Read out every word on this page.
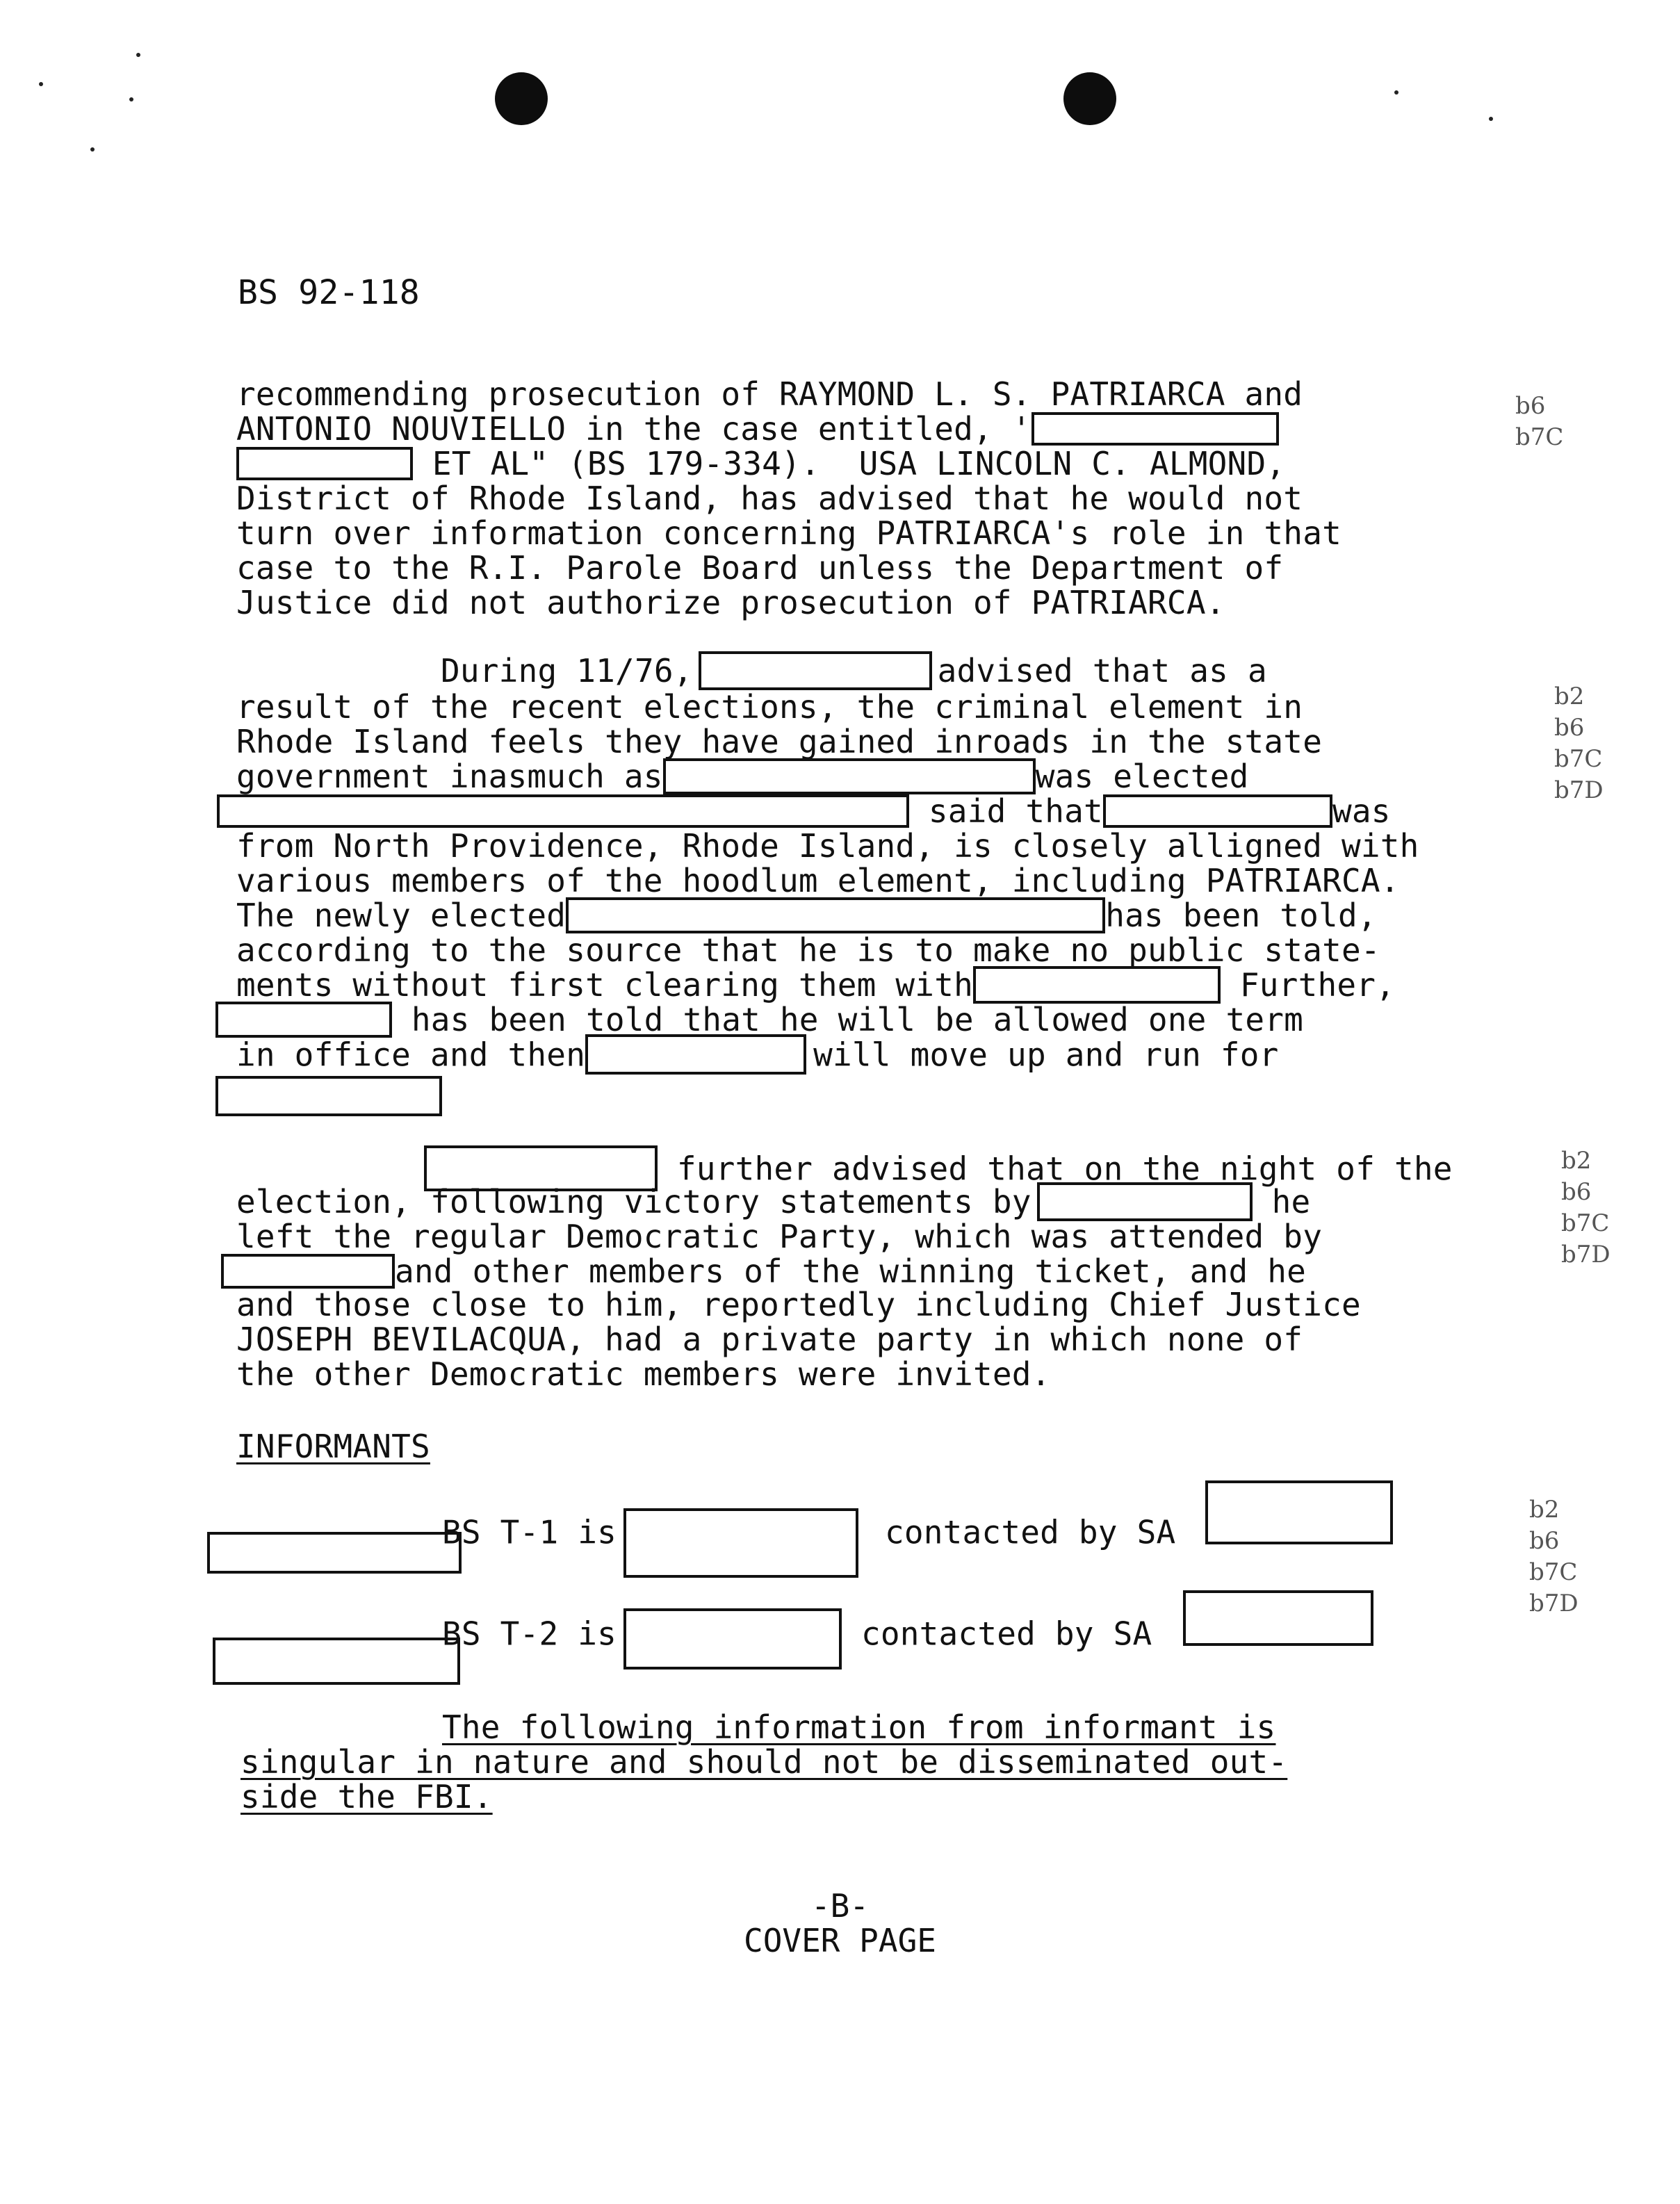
BS 92-118
recommending prosecution of RAYMOND L. S. PATRIARCA and
ANTONIO NOUVIELLO in the case entitled, '
ET AL" (BS 179-334).  USA LINCOLN C. ALMOND,
District of Rhode Island, has advised that he would not
turn over information concerning PATRIARCA's role in that
case to the R.I. Parole Board unless the Department of
Justice did not authorize prosecution of PATRIARCA.
b6
b7C
During 11/76,	advised that as a
result of the recent elections, the criminal element in
Rhode Island feels they have gained inroads in the state
government inasmuch as	was elected
said that	was
from North Providence, Rhode Island, is closely alligned with
various members of the hoodlum element, including PATRIARCA.
The newly elected	has been told,
according to the source that he is to make no public state-
ments without first clearing them with	Further,
has been told that he will be allowed one term
in office and then	will move up and run for
b2
b6
b7C
b7D
further advised that on the night of the
election, following victory statements by	he
left the regular Democratic Party, which was attended by
and other members of the winning ticket, and he
and those close to him, reportedly including Chief Justice
JOSEPH BEVILACQUA, had a private party in which none of
the other Democratic members were invited.
b2
b6
b7C
b7D
INFORMANTS
BS T-1 is	contacted by SA
BS T-2 is	contacted by SA
b2
b6
b7C
b7D
The following information from informant is
singular in nature and should not be disseminated out-
side the FBI.
-B-
COVER PAGE
